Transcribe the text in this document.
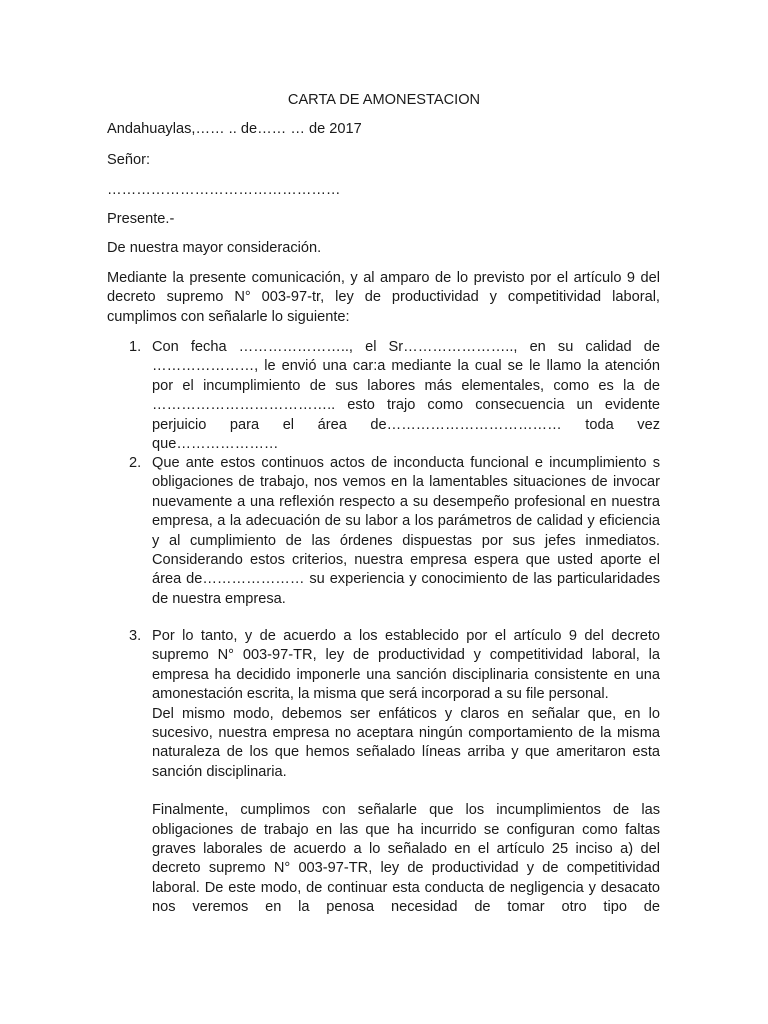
CARTA DE AMONESTACION

Andahuaylas,…… .. de…… … de 2017

Señor:

…………………………………………

Presente.-

De nuestra mayor consideración.

Mediante la presente comunicación, y al amparo de lo previsto por el artículo 9 del decreto supremo N° 003-97-tr, ley de productividad y competitividad laboral, cumplimos con señalarle lo siguiente:

1. Con fecha ………………….., el Sr………………….., en su calidad de …………………, le envió una car:a mediante la cual se le llamo la atención por el incumplimiento de sus labores más elementales, como es la de ……………………………….. esto trajo como consecuencia un evidente perjuicio para el área de……………………………… toda vez que…………………
2. Que ante estos continuos actos de inconducta funcional e incumplimiento s obligaciones de trabajo, nos vemos en la lamentables situaciones de invocar nuevamente a una reflexión respecto a su desempeño profesional en nuestra empresa, a la adecuación de su labor a los parámetros de calidad y eficiencia y al cumplimiento de las órdenes dispuestas por sus jefes inmediatos. Considerando estos criterios, nuestra empresa espera que usted aporte el área de………………… su experiencia y conocimiento de las particularidades de nuestra empresa.
3. Por lo tanto, y de acuerdo a los establecido por el artículo 9 del decreto supremo N° 003-97-TR, ley de productividad y competitividad laboral, la empresa ha decidido imponerle una sanción disciplinaria consistente en una amonestación escrita, la misma que será incorporad a su file personal.
Del mismo modo, debemos ser enfáticos y claros en señalar que, en lo sucesivo, nuestra empresa no aceptara ningún comportamiento de la misma naturaleza de los que hemos señalado líneas arriba y que ameritaron esta sanción disciplinaria.
Finalmente, cumplimos con señalarle que los incumplimientos de las obligaciones de trabajo en las que ha incurrido se configuran como faltas graves laborales de acuerdo a lo señalado en el artículo 25 inciso a) del decreto supremo N° 003-97-TR, ley de productividad y de competitividad laboral. De este modo, de continuar esta conducta de negligencia y desacato nos veremos en la penosa necesidad de tomar otro tipo de
